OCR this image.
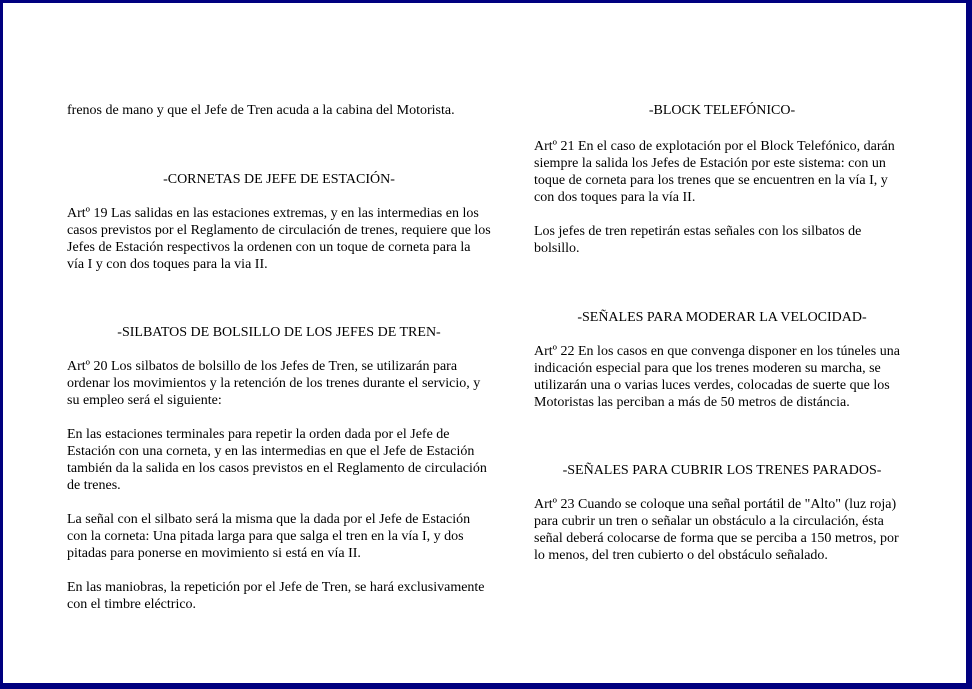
frenos de mano y que el Jefe de Tren acuda a la cabina del Motorista.

-CORNETAS DE JEFE DE ESTACIÓN-

Artº 19 Las salidas en las estaciones extremas, y en las intermedias en los casos previstos por el Reglamento de circulación de trenes, requiere que los Jefes de Estación respectivos la ordenen con un toque de corneta para la vía I y con dos toques para la via II.

-SILBATOS DE BOLSILLO DE LOS JEFES DE TREN-

Artº 20 Los silbatos de bolsillo de los Jefes de Tren, se utilizarán para ordenar los movimientos y la retención de los trenes durante el servicio, y su empleo será el siguiente:

En las estaciones terminales para repetir la orden dada por el Jefe de Estación con una corneta, y en las intermedias en que el Jefe de Estación también da la salida en los casos previstos en el Reglamento de circulación de trenes.

La señal con el silbato será la misma que la dada por el Jefe de Estación con la corneta: Una pitada larga para que salga el tren en la vía I, y dos pitadas para ponerse en movimiento si está en vía II.

En las maniobras, la repetición por el Jefe de Tren, se hará exclusivamente con el timbre eléctrico.

-BLOCK TELEFÓNICO-

Artº 21 En el caso de explotación por el Block Telefónico, darán siempre la salida los Jefes de Estación por este sistema: con un toque de corneta para los trenes que se encuentren en la vía I, y con dos toques para la vía II.

Los jefes de tren repetirán estas señales con los silbatos de bolsillo.

-SEÑALES PARA MODERAR LA VELOCIDAD-

Artº 22 En los casos en que convenga disponer en los túneles una indicación especial para que los trenes moderen su marcha, se utilizarán una o varias luces verdes, colocadas de suerte que los Motoristas las perciban a más de 50 metros de distáncia.

-SEÑALES PARA CUBRIR LOS TRENES PARADOS-

Artº 23 Cuando se coloque una señal portátil de "Alto" (luz roja) para cubrir un tren o señalar un obstáculo a la circulación, ésta señal deberá colocarse de forma que se perciba a 150 metros, por lo menos, del tren cubierto o del obstáculo señalado.
